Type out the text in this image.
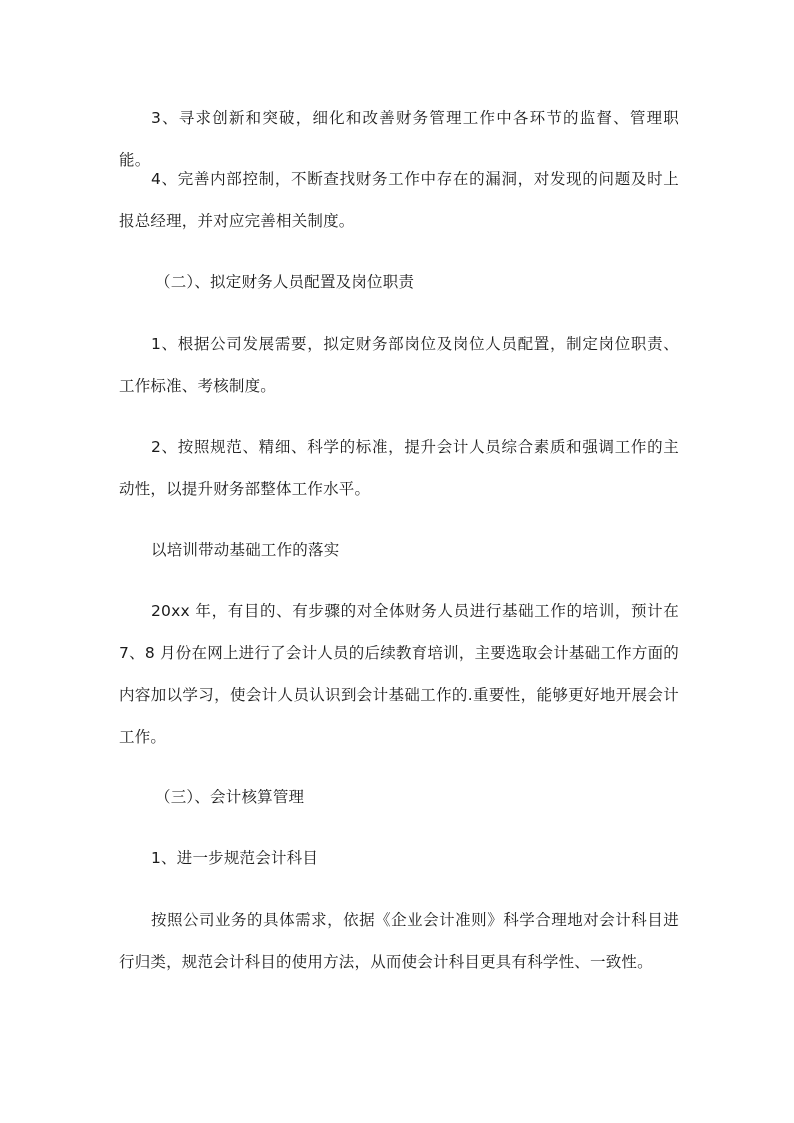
3、寻求创新和突破，细化和改善财务管理工作中各环节的监督、管理职能。

4、完善内部控制，不断查找财务工作中存在的漏洞，对发现的问题及时上报总经理，并对应完善相关制度。

（二）、拟定财务人员配置及岗位职责

1、根据公司发展需要，拟定财务部岗位及岗位人员配置，制定岗位职责、工作标准、考核制度。

2、按照规范、精细、科学的标准，提升会计人员综合素质和强调工作的主动性，以提升财务部整体工作水平。

以培训带动基础工作的落实

20xx 年，有目的、有步骤的对全体财务人员进行基础工作的培训，预计在 7、8 月份在网上进行了会计人员的后续教育培训，主要选取会计基础工作方面的内容加以学习，使会计人员认识到会计基础工作的.重要性，能够更好地开展会计工作。

（三）、会计核算管理

1、进一步规范会计科目

按照公司业务的具体需求，依据《企业会计准则》科学合理地对会计科目进行归类，规范会计科目的使用方法，从而使会计科目更具有科学性、一致性。
